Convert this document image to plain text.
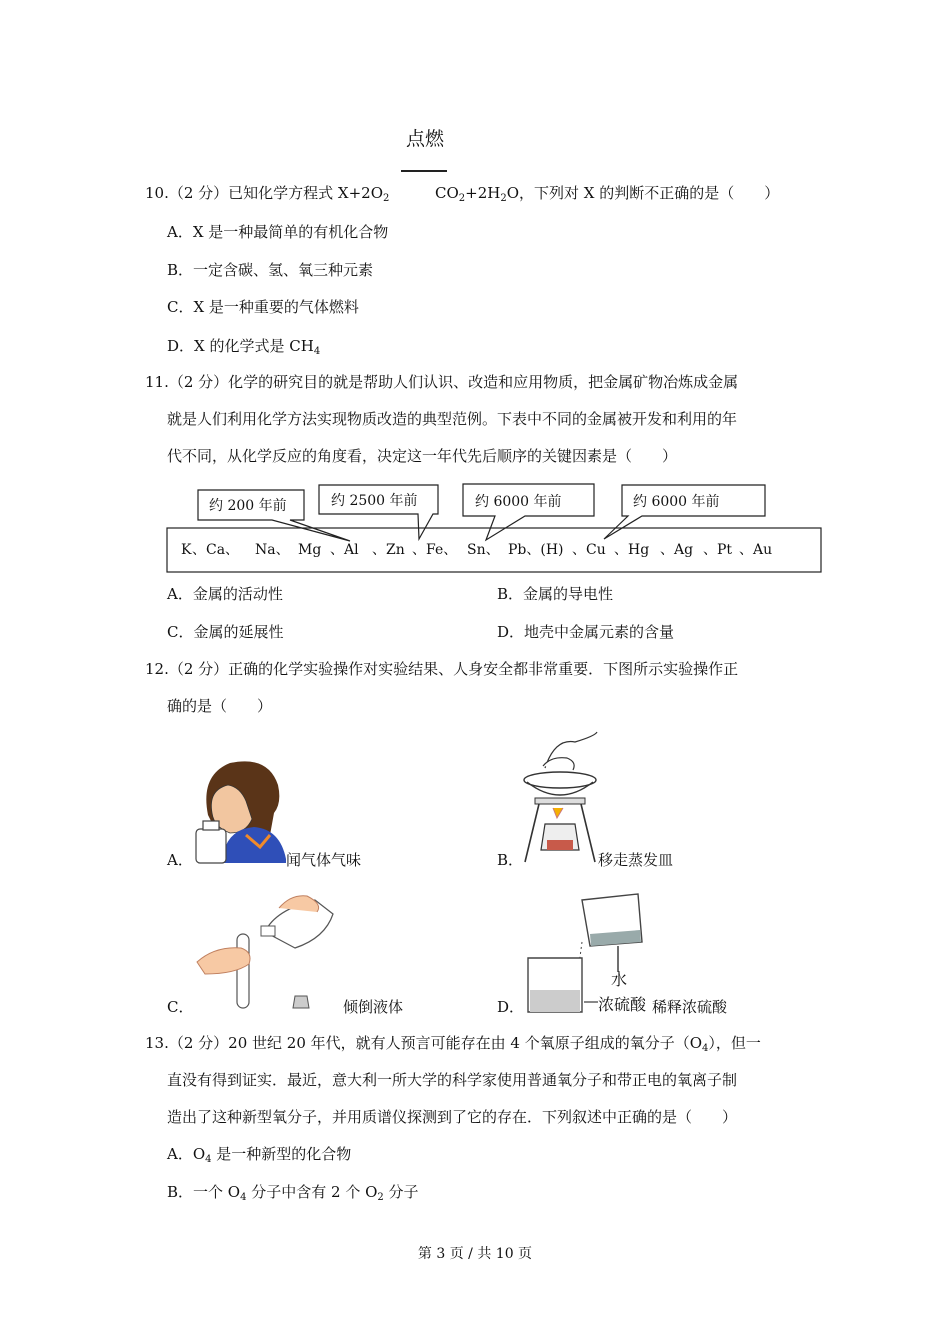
点燃
10.（2 分）已知化学方程式 $X+2O_2$	$CO_2+2H_2O$，下列对 X 的判断不正确的是（　　）
A．X 是一种最简单的有机化合物
B．一定含碳、氢、氧三种元素
C．X 是一种重要的气体燃料
D．X 的化学式是 $CH_4$
11.（2 分）化学的研究目的就是帮助人们认识、改造和应用物质，把金属矿物冶炼成金属
就是人们利用化学方法实现物质改造的典型范例。下表中不同的金属被开发和利用的年
代不同，从化学反应的角度看，决定这一年代先后顺序的关键因素是（　　）
约 200 年前	约 2500 年前	约 6000 年前	约 6000 年前
K 、Ca、 Na、 Mg 、Al 、Zn 、Fe、 Sn、 Pb、(H) 、Cu 、Hg 、Ag 、Pt 、Au
A．金属的活动性	B．金属的导电性
C．金属的延展性	D．地壳中金属元素的含量
12.（2 分）正确的化学实验操作对实验结果、人身安全都非常重要．下图所示实验操作正
确的是（　　）
A．	闻气体气味	B．	移走蒸发皿
C．	倾倒液体
水
D．	浓硫酸 稀释浓硫酸
13.（2 分）20 世纪 20 年代，就有人预言可能存在由 4 个氧原子组成的氧分子$(O_4)$，但一
直没有得到证实．最近，意大利一所大学的科学家使用普通氧分子和带正电的氧离子制
造出了这种新型氧分子，并用质谱仪探测到了它的存在．下列叙述中正确的是（　　）
A．$O_4$ 是一种新型的化合物
B．一个 $O_4$ 分子中含有 2 个 $O_2$ 分子
第 3 页 / 共 10 页
